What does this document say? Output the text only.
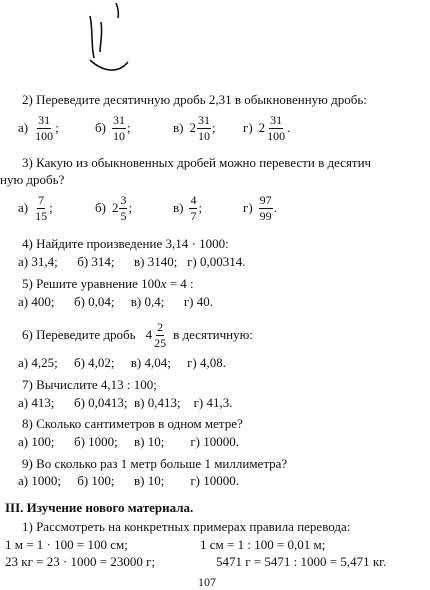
2) Переведите десятичную дробь 2,31 в обыкновенную дробь:
$а) \frac{31}{100}$ ;	$б) \frac{31}{10}$ ;	в) $2 \frac{31}{10}$ ; г) $2 \frac{31}{100}$ .
3) Какую из обыкновенных дробей можно перевести в десятич
ную дробь?
$а) \frac{7}{15}$ ;	б) $2 \frac{3}{5}$ ;	$в) \frac{4}{7}$ ;	$г) \frac{97}{99}$ .
4) Найдите произведение 3,14 · 1000:
а) 31,4;      б) 314;      в) 3140;   г) 0,00314.
5) Решите уравнение 100x = 4 :
а) 400;      б) 0,04;     в) 0,4;      г) 40.
6) Переведите дробь $4 \frac{2}{25}$ в десятичную:
а) 4,25;     б) 4,02;     в) 4,04;     г) 4,08.
7) Вычислите 4,13 : 100;
а) 413;      б) 0,0413;  в) 0,413;    г) 41,3.
8) Сколько сантиметров в одном метре?
а) 100;      б) 1000;     в) 10;        г) 10000.
9) Во сколько раз 1 метр больше 1 миллиметра?
а) 1000;     б) 100;      в) 10;        г) 10000.
III. Изучение нового материала.
1) Рассмотреть на конкретных примерах правила перевода:
1 м = 1 · 100 = 100 см;	1 см = 1 : 100 = 0,01 м;
23 кг = 23 · 1000 = 23000 г;	5471 г = 5471 : 1000 = 5,471 кг.
107
